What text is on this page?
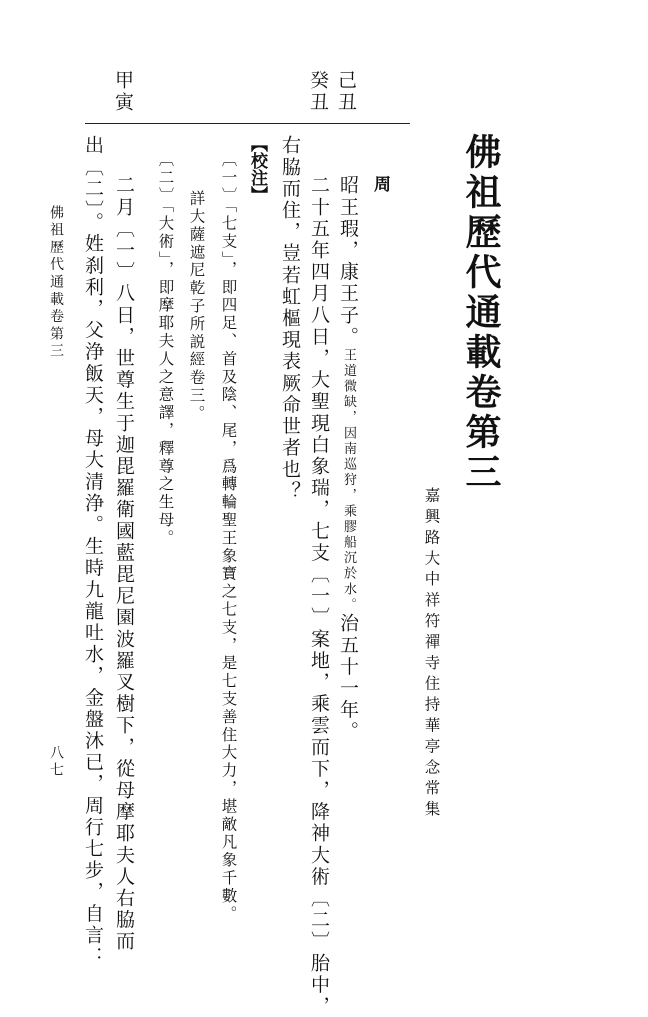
佛祖歷代通載卷第三
嘉興路大中祥符禪寺住持華亭念常集
己丑
癸丑
甲寅
周
昭王瑕，康王子。王道微缺，因南巡狩，乘膠船沉於水。治五十一年。
二十五年四月八日，大聖現白象瑞，七支〔一〕案地，乘雲而下，降神大術〔二〕胎中，
右脇而住，豈若虹樞現表厥命世者也？
【校注】
〔一〕「七支」，即四足、首及陰、尾，爲轉輪聖王象寶之七支，是七支善住大力，堪敵凡象千數。
詳大薩遮尼乾子所説經卷三。
〔二〕「大術」，即摩耶夫人之意譯，釋尊之生母。
二月〔一〕八日，世尊生于迦毘羅衛國藍毘尼園波羅叉樹下，從母摩耶夫人右脇而
出〔二〕。姓刹利，父浄飯天，母大清浄。生時九龍吐水，金盤沐已，周行七步，自言：
佛祖歷代通載卷第三
八七
